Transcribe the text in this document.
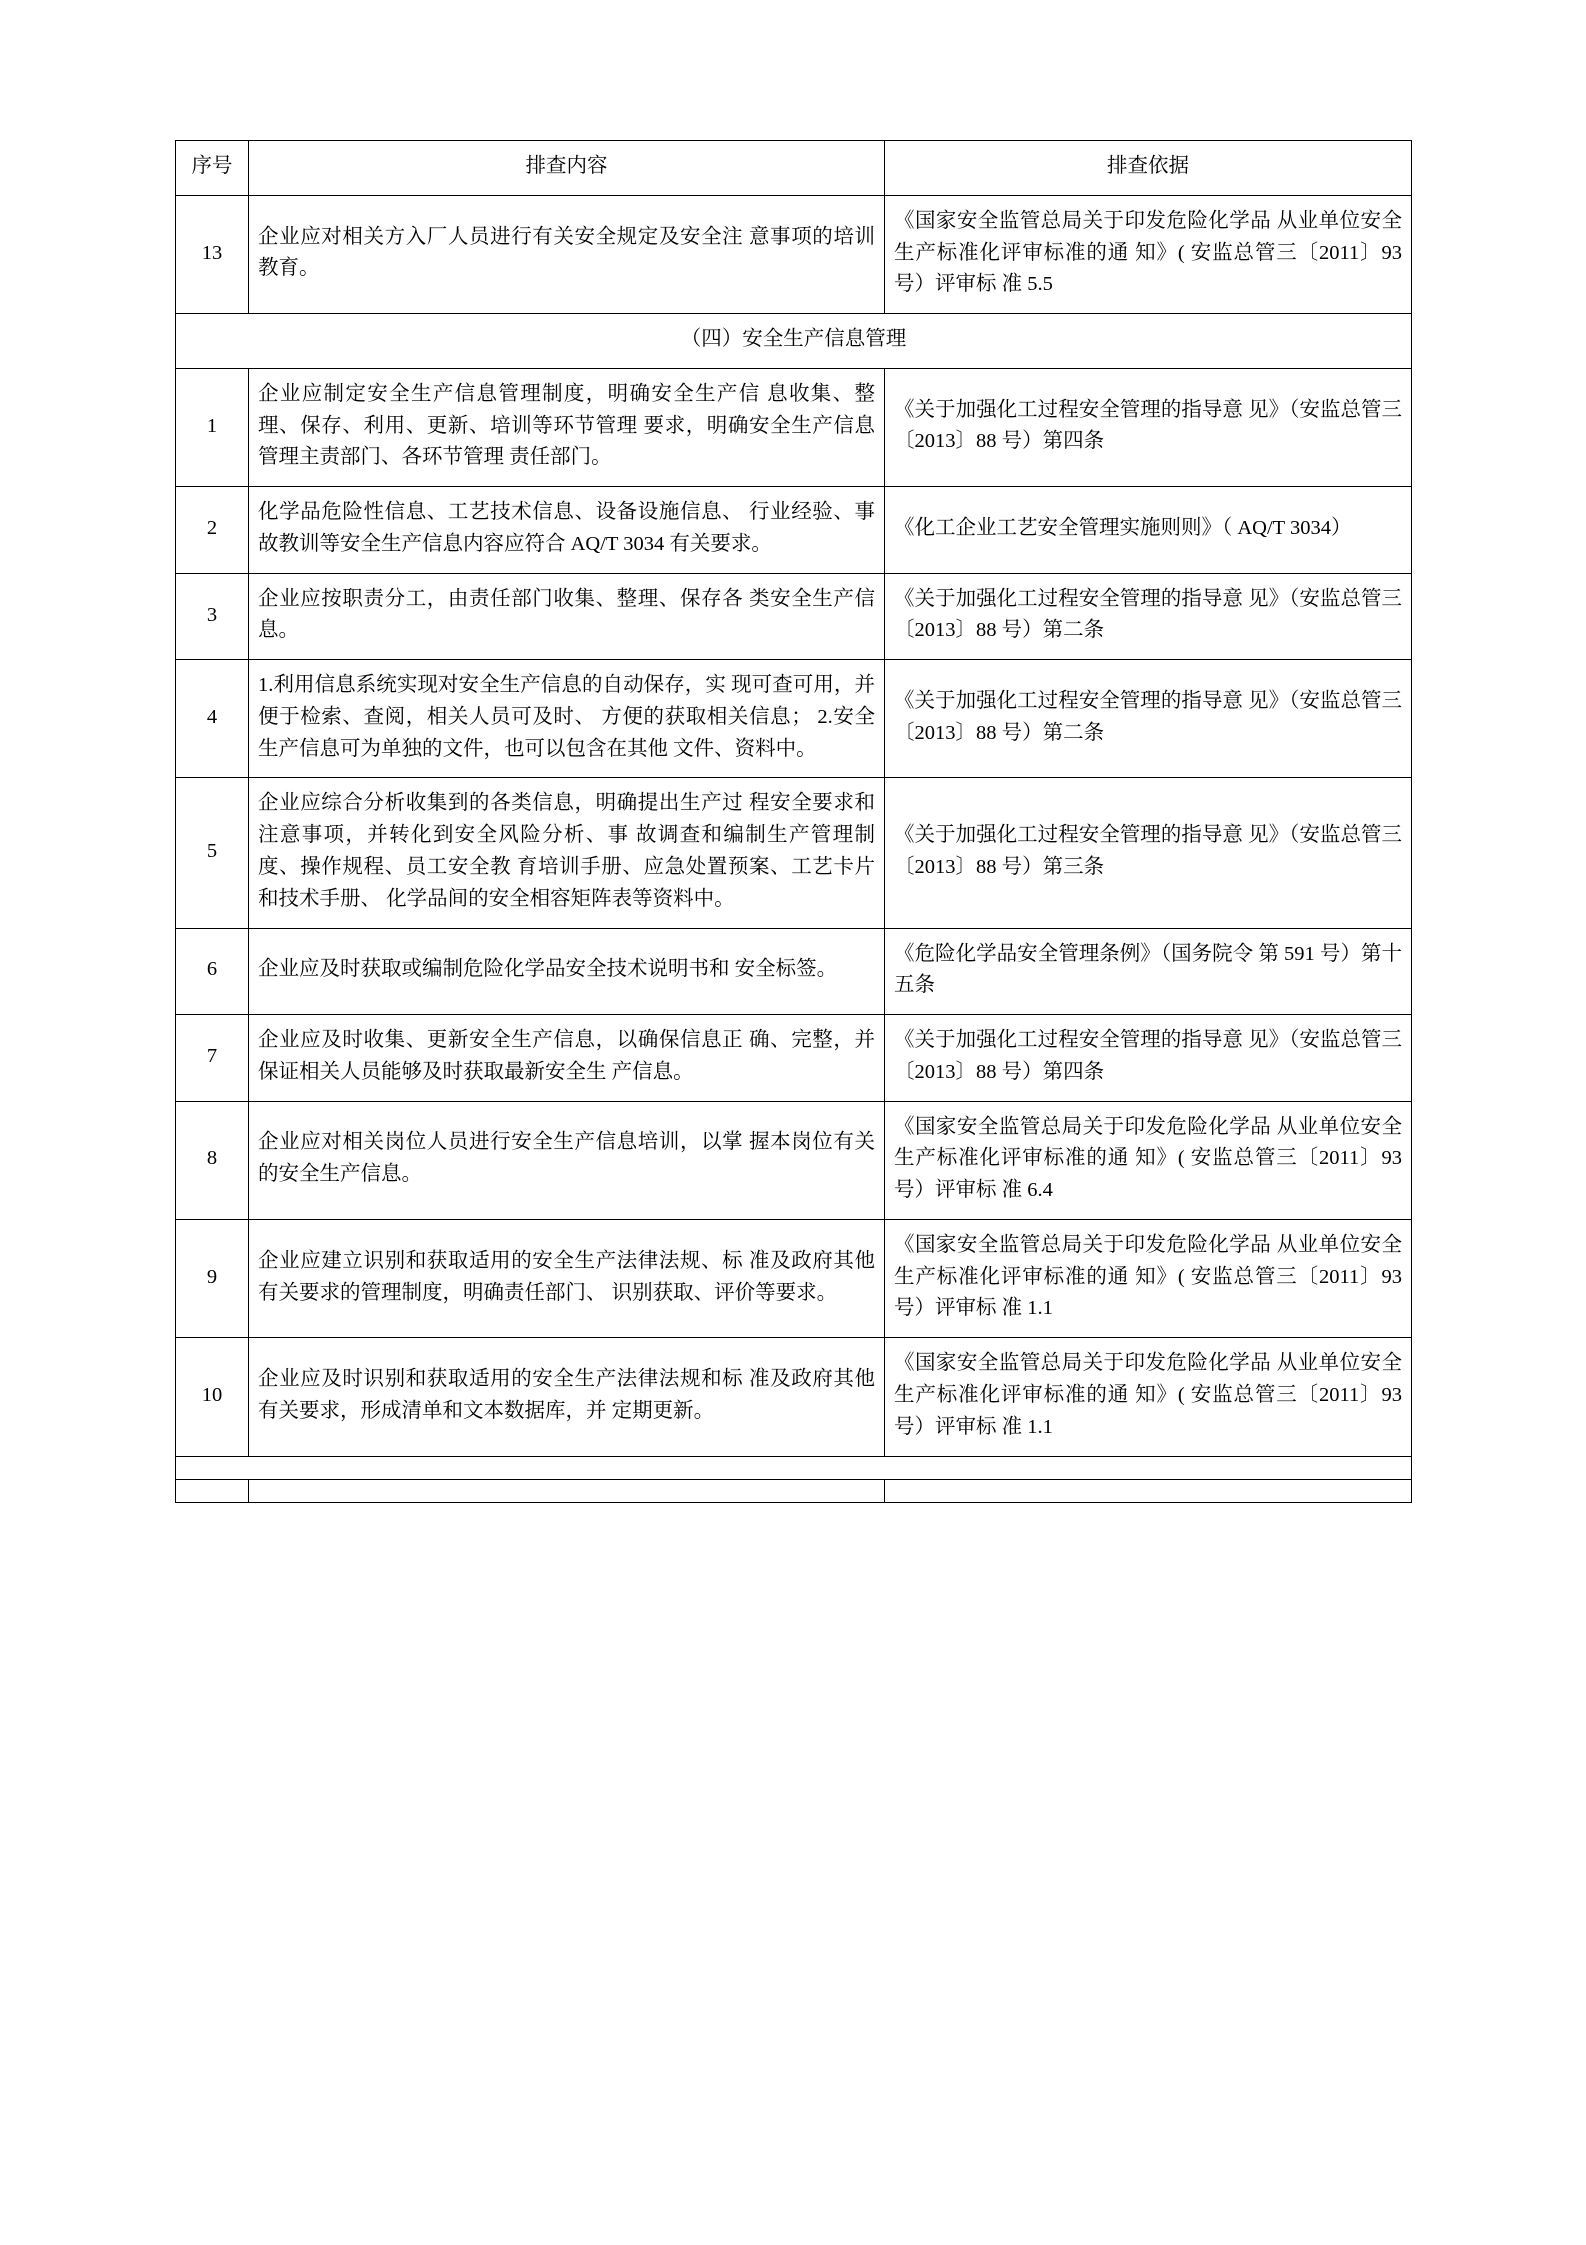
序号	排查内容	排查依据
13	企业应对相关方入厂人员进行有关安全规定及安全注 意事项的培训教育。	《国家安全监管总局关于印发危险化学品 从业单位安全生产标准化评审标准的通 知》( 安监总管三〔2011〕93 号）评审标 准 5.5
（四）安全生产信息管理		
1	企业应制定安全生产信息管理制度，明确安全生产信 息收集、整理、保存、利用、更新、培训等环节管理 要求，明确安全生产信息管理主责部门、各环节管理 责任部门。	《关于加强化工过程安全管理的指导意 见》（安监总管三〔2013〕88 号）第四条
2	化学品危险性信息、工艺技术信息、设备设施信息、 行业经验、事故教训等安全生产信息内容应符合 AQ/T 3034 有关要求。	《化工企业工艺安全管理实施则则》（ AQ/T 3034）
3	企业应按职责分工，由责任部门收集、整理、保存各 类安全生产信息。	《关于加强化工过程安全管理的指导意 见》（安监总管三〔2013〕88 号）第二条
4	1.利用信息系统实现对安全生产信息的自动保存，实 现可查可用，并便于检索、查阅，相关人员可及时、 方便的获取相关信息； 2.安全生产信息可为单独的文件，也可以包含在其他 文件、资料中。	《关于加强化工过程安全管理的指导意 见》（安监总管三〔2013〕88 号）第二条
5	企业应综合分析收集到的各类信息，明确提出生产过 程安全要求和注意事项，并转化到安全风险分析、事 故调查和编制生产管理制度、操作规程、员工安全教 育培训手册、应急处置预案、工艺卡片和技术手册、 化学品间的安全相容矩阵表等资料中。	《关于加强化工过程安全管理的指导意 见》（安监总管三〔2013〕88 号）第三条
6	企业应及时获取或编制危险化学品安全技术说明书和 安全标签。	《危险化学品安全管理条例》（国务院令 第 591 号）第十五条
7	企业应及时收集、更新安全生产信息，以确保信息正 确、完整，并保证相关人员能够及时获取最新安全生 产信息。	《关于加强化工过程安全管理的指导意 见》（安监总管三〔2013〕88 号）第四条
8	企业应对相关岗位人员进行安全生产信息培训，以掌 握本岗位有关的安全生产信息。	《国家安全监管总局关于印发危险化学品 从业单位安全生产标准化评审标准的通 知》( 安监总管三〔2011〕93 号）评审标 准 6.4
9	企业应建立识别和获取适用的安全生产法律法规、标 准及政府其他有关要求的管理制度，明确责任部门、 识别获取、评价等要求。	《国家安全监管总局关于印发危险化学品 从业单位安全生产标准化评审标准的通 知》( 安监总管三〔2011〕93 号）评审标 准 1.1
10	企业应及时识别和获取适用的安全生产法律法规和标 准及政府其他有关要求，形成清单和文本数据库，并 定期更新。	《国家安全监管总局关于印发危险化学品 从业单位安全生产标准化评审标准的通 知》( 安监总管三〔2011〕93 号）评审标 准 1.1
